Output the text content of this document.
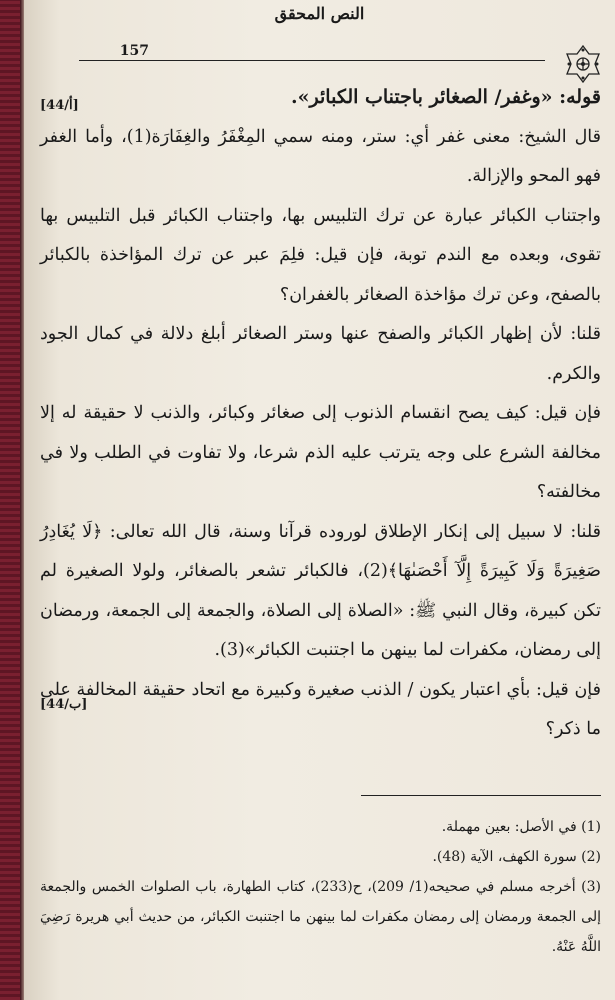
النص المحقق
157
[44/أ]
[44/ب]

قوله: «وغفر/ الصغائر باجتناب الكبائر».

قال الشيخ: معنى غفر أي: ستر، ومنه سمي المِغْفَرُ والغِفَارَة(1)، وأما الغفر فهو المحو والإزالة.

واجتناب الكبائر عبارة عن ترك التلبيس بها، واجتناب الكبائر قبل التلبيس بها تقوى، وبعده مع الندم توبة، فإن قيل: فلِمَ عبر عن ترك المؤاخذة بالكبائر بالصفح، وعن ترك مؤاخذة الصغائر بالغفران؟

قلنا: لأن إظهار الكبائر والصفح عنها وستر الصغائر أبلغ دلالة في كمال الجود والكرم.

فإن قيل: كيف يصح انقسام الذنوب إلى صغائر وكبائر، والذنب لا حقيقة له إلا مخالفة الشرع على وجه يترتب عليه الذم شرعا، ولا تفاوت في الطلب ولا في مخالفته؟

قلنا: لا سبيل إلى إنكار الإطلاق لوروده قرآنا وسنة، قال الله تعالى: ﴿لَا يُغَادِرُ صَغِيرَةً وَلَا كَبِيرَةً إِلَّآ أَحْصَىٰهَا﴾(2)، فالكبائر تشعر بالصغائر، ولولا الصغيرة لم تكن كبيرة، وقال النبي ﷺ: «الصلاة إلى الصلاة، والجمعة إلى الجمعة، ورمضان إلى رمضان، مكفرات لما بينهن ما اجتنبت الكبائر»(3).

فإن قيل: بأي اعتبار يكون / الذنب صغيرة وكبيرة مع اتحاد حقيقة المخالفة على ما ذكر؟

(1) في الأصل: بعين مهملة.

(2) سورة الكهف، الآية (48).

(3) أخرجه مسلم في صحيحه(1/ 209)، ح(233)، كتاب الطهارة، باب الصلوات الخمس والجمعة إلى الجمعة ورمضان إلى رمضان مكفرات لما بينهن ما اجتنبت الكبائر، من حديث أبي هريرة رَضِيَ اللَّهُ عَنْهُ.
